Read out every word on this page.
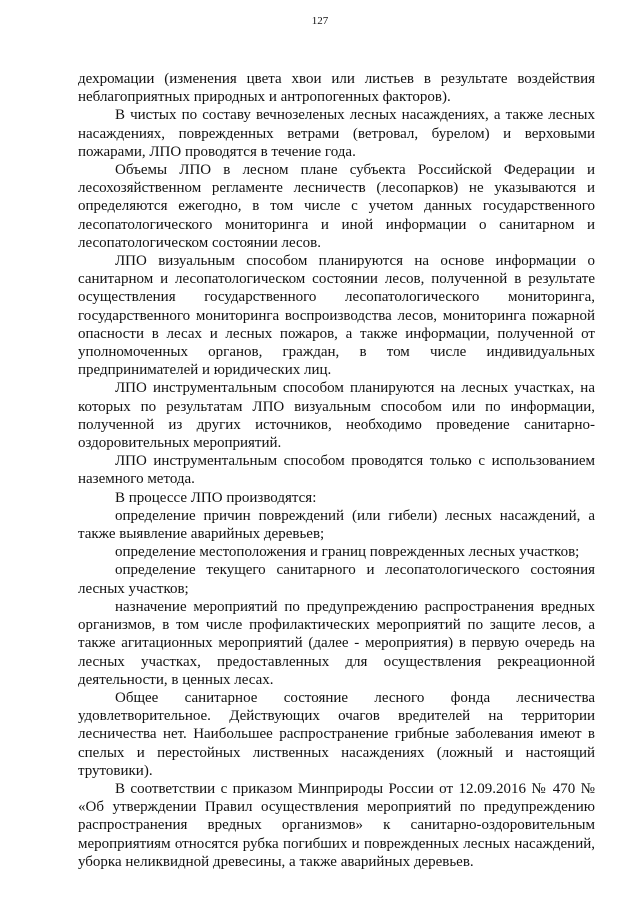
127

дехромации (изменения цвета хвои или листьев в результате воздействия неблагоприятных природных и антропогенных факторов).

В чистых по составу вечнозеленых лесных насаждениях, а также лесных насаждениях, поврежденных ветрами (ветровал, бурелом) и верховыми пожарами, ЛПО проводятся в течение года.

Объемы ЛПО в лесном плане субъекта Российской Федерации и лесохозяйственном регламенте лесничеств (лесопарков) не указываются и определяются ежегодно, в том числе с учетом данных государственного лесопатологического мониторинга и иной информации о санитарном и лесопатологическом состоянии лесов.

ЛПО визуальным способом планируются на основе информации о санитарном и лесопатологическом состоянии лесов, полученной в результате осуществления государственного лесопатологического мониторинга, государственного мониторинга воспроизводства лесов, мониторинга пожарной опасности в лесах и лесных пожаров, а также информации, полученной от уполномоченных органов, граждан, в том числе индивидуальных предпринимателей и юридических лиц.

ЛПО инструментальным способом планируются на лесных участках, на которых по результатам ЛПО визуальным способом или по информации, полученной из других источников, необходимо проведение санитарно-оздоровительных мероприятий.

ЛПО инструментальным способом проводятся только с использованием наземного метода.

В процессе ЛПО производятся:

определение причин повреждений (или гибели) лесных насаждений, а также выявление аварийных деревьев;

определение местоположения и границ поврежденных лесных участков;

определение текущего санитарного и лесопатологического состояния лесных участков;

назначение мероприятий по предупреждению распространения вредных организмов, в том числе профилактических мероприятий по защите лесов, а также агитационных мероприятий (далее - мероприятия) в первую очередь на лесных участках, предоставленных для осуществления рекреационной деятельности, в ценных лесах.

Общее санитарное состояние лесного фонда лесничества удовлетворительное. Действующих очагов вредителей на территории лесничества нет. Наибольшее распространение грибные заболевания имеют в спелых и перестойных лиственных насаждениях (ложный и настоящий трутовики).

В соответствии с приказом Минприроды России от 12.09.2016 № 470 № «Об утверждении Правил осуществления мероприятий по предупреждению распространения вредных организмов» к санитарно-оздоровительным мероприятиям относятся рубка погибших и поврежденных лесных насаждений, уборка неликвидной древесины, а также аварийных деревьев.
